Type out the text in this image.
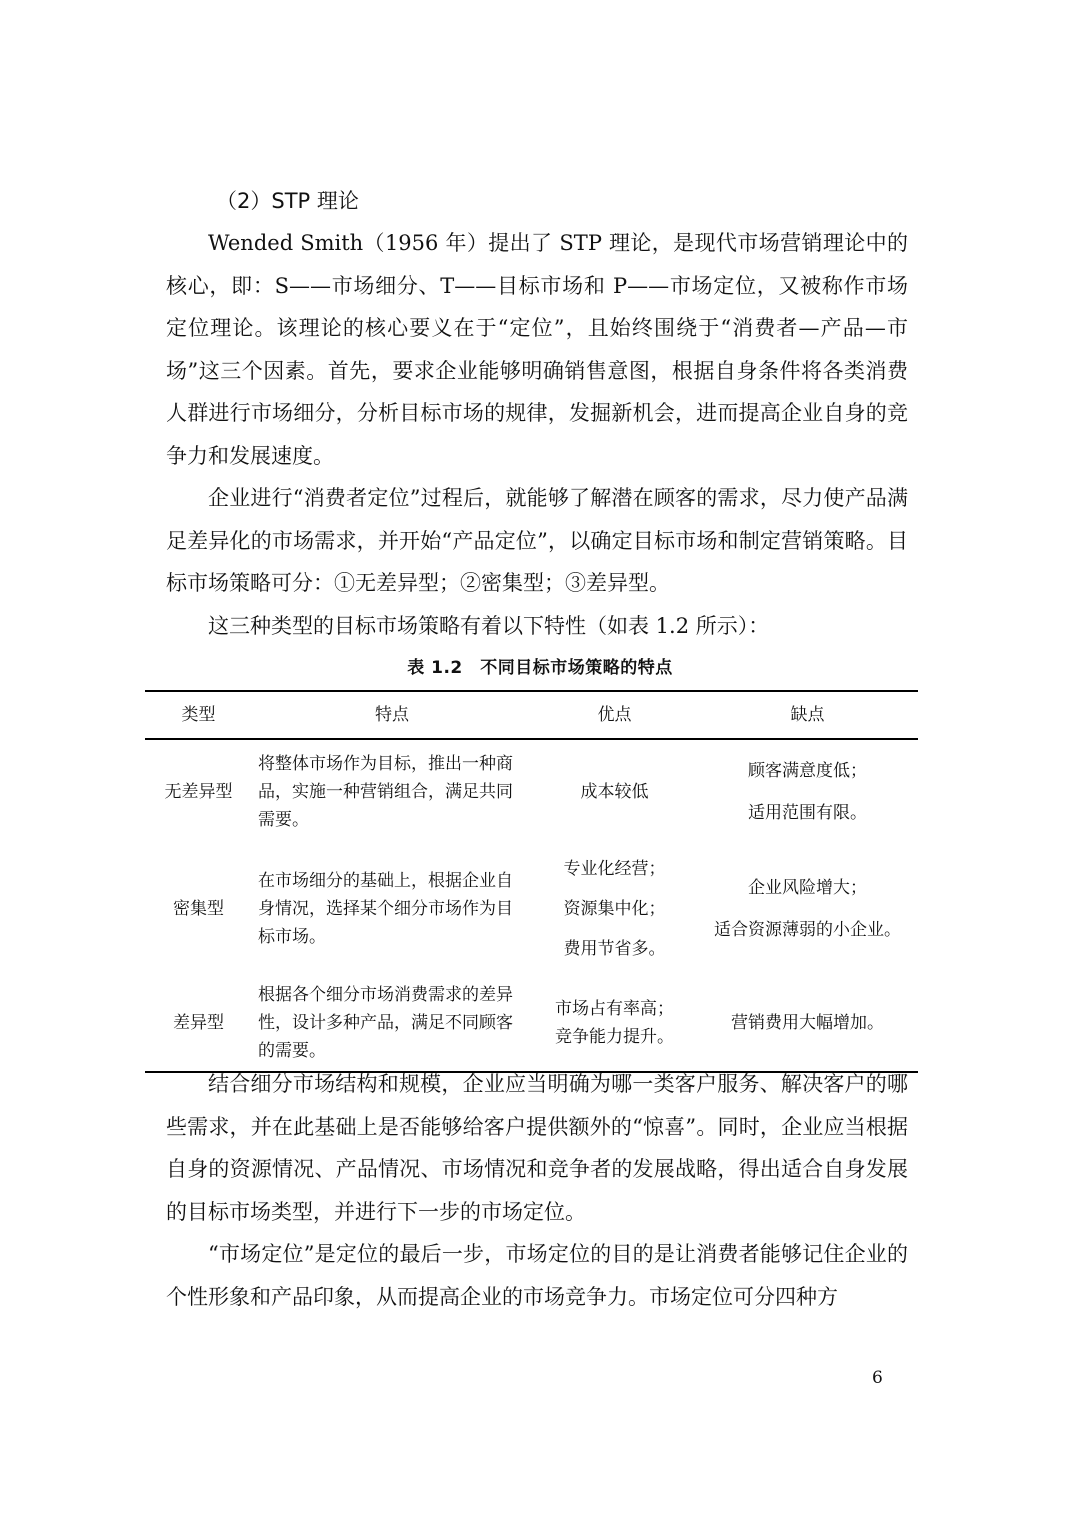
（2）STP 理论

Wended Smith（1956 年）提出了 STP 理论，是现代市场营销理论中的核心，即：S——市场细分、T——目标市场和 P——市场定位，又被称作市场定位理论。该理论的核心要义在于“定位”，且始终围绕于“消费者—产品—市场”这三个因素。首先，要求企业能够明确销售意图，根据自身条件将各类消费人群进行市场细分，分析目标市场的规律，发掘新机会，进而提高企业自身的竞争力和发展速度。

企业进行“消费者定位”过程后，就能够了解潜在顾客的需求，尽力使产品满足差异化的市场需求，并开始“产品定位”，以确定目标市场和制定营销策略。目标市场策略可分：①无差异型；②密集型；③差异型。

这三种类型的目标市场策略有着以下特性（如表 1.2 所示）：

表 1.2　不同目标市场策略的特点
类型	特点	优点	缺点
无差异型	将整体市场作为目标，推出一种商品，实施一种营销组合，满足共同需要。	成本较低	顾客满意度低；
适用范围有限。

密集型	在市场细分的基础上，根据企业自身情况，选择某个细分市场作为目标市场。	专业化经营；
资源集中化；
费用节省多。	企业风险增大；
适合资源薄弱的小企业。

差异型	根据各个细分市场消费需求的差异性，设计多种产品，满足不同顾客的需要。	市场占有率高；
竞争能力提升。	营销费用大幅增加。

结合细分市场结构和规模，企业应当明确为哪一类客户服务、解决客户的哪些需求，并在此基础上是否能够给客户提供额外的“惊喜”。同时，企业应当根据自身的资源情况、产品情况、市场情况和竞争者的发展战略，得出适合自身发展的目标市场类型，并进行下一步的市场定位。

“市场定位”是定位的最后一步，市场定位的目的是让消费者能够记住企业的个性形象和产品印象，从而提高企业的市场竞争力。市场定位可分四种方

6
